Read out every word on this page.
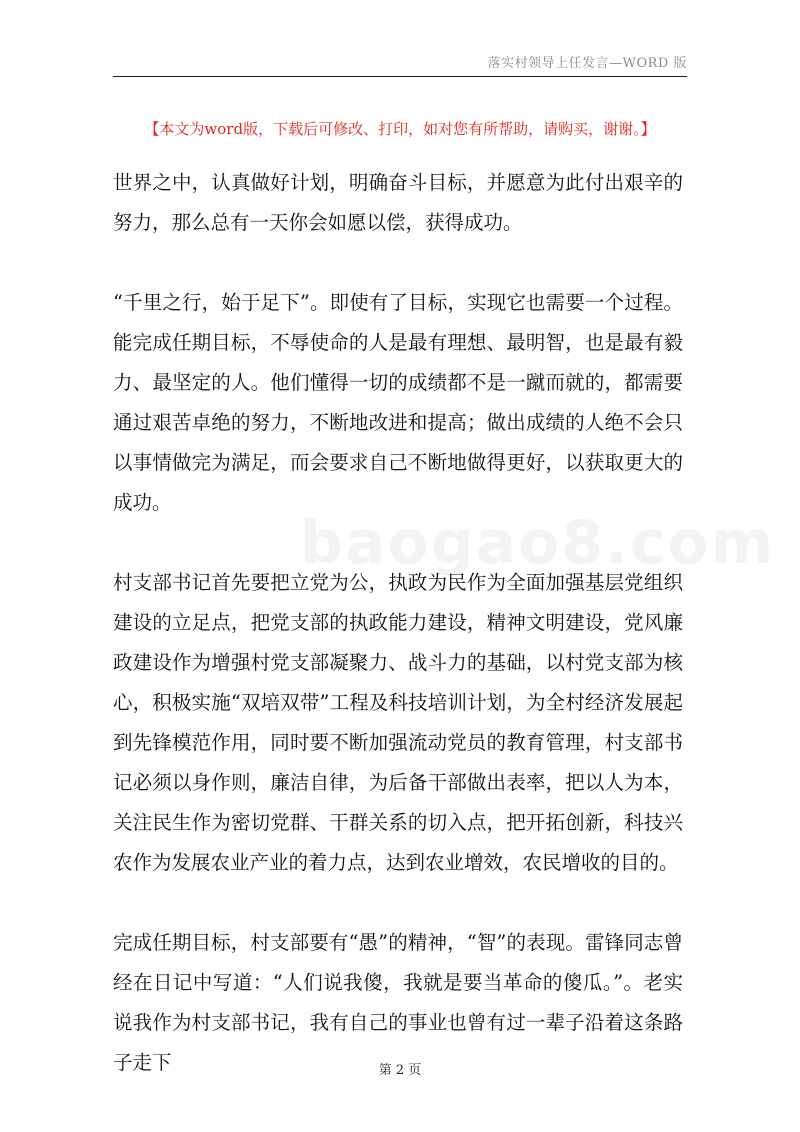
落实村领导上任发言—WORD 版
【本文为word版，下载后可修改、打印，如对您有所帮助，请购买，谢谢。】
baogao8.com

世界之中，认真做好计划，明确奋斗目标，并愿意为此付出艰辛的努力，那么总有一天你会如愿以偿，获得成功。

“千里之行，始于足下”。即使有了目标，实现它也需要一个过程。能完成任期目标，不辱使命的人是最有理想、最明智，也是最有毅力、最坚定的人。他们懂得一切的成绩都不是一蹴而就的，都需要通过艰苦卓绝的努力，不断地改进和提高；做出成绩的人绝不会只以事情做完为满足，而会要求自己不断地做得更好，以获取更大的成功。

村支部书记首先要把立党为公，执政为民作为全面加强基层党组织建设的立足点，把党支部的执政能力建设，精神文明建设，党风廉政建设作为增强村党支部凝聚力、战斗力的基础，以村党支部为核心，积极实施“双培双带”工程及科技培训计划，为全村经济发展起到先锋模范作用，同时要不断加强流动党员的教育管理，村支部书记必须以身作则，廉洁自律，为后备干部做出表率，把以人为本，关注民生作为密切党群、干群关系的切入点，把开拓创新，科技兴农作为发展农业产业的着力点，达到农业增效，农民增收的目的。

完成任期目标，村支部要有“愚”的精神，“智”的表现。雷锋同志曾经在日记中写道：“人们说我傻，我就是要当革命的傻瓜。”。老实说我作为村支部书记，我有自己的事业也曾有过一辈子沿着这条路子走下	第 2 页
